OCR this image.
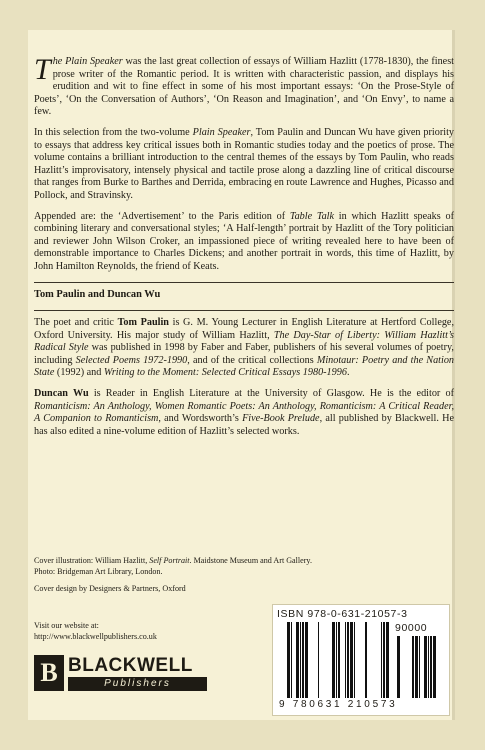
The Plain Speaker was the last great collection of essays of William Hazlitt (1778-1830), the finest prose writer of the Romantic period. It is written with characteristic passion, and displays his erudition and wit to fine effect in some of his most important essays: ‘On the Prose-Style of Poets’, ‘On the Conversation of Authors’, ‘On Reason and Imagination’, and ‘On Envy’, to name a few.

In this selection from the two-volume Plain Speaker, Tom Paulin and Duncan Wu have given priority to essays that address key critical issues both in Romantic studies today and the poetics of prose. The volume contains a brilliant introduction to the central themes of the essays by Tom Paulin, who reads Hazlitt’s improvisatory, intensely physical and tactile prose along a dazzling line of critical discourse that ranges from Burke to Barthes and Derrida, embracing en route Lawrence and Hughes, Picasso and Pollock, and Stravinsky.

Appended are: the ‘Advertisement’ to the Paris edition of Table Talk in which Hazlitt speaks of combining literary and conversational styles; ‘A Half-length’ portrait by Hazlitt of the Tory politician and reviewer John Wilson Croker, an impassioned piece of writing revealed here to have been of demonstrable importance to Charles Dickens; and another portrait in words, this time of Hazlitt, by John Hamilton Reynolds, the friend of Keats.

Tom Paulin and Duncan Wu

The poet and critic Tom Paulin is G. M. Young Lecturer in English Literature at Hertford College, Oxford University. His major study of William Hazlitt, The Day-Star of Liberty: William Hazlitt’s Radical Style was published in 1998 by Faber and Faber, publishers of his several volumes of poetry, including Selected Poems 1972-1990, and of the critical collections Minotaur: Poetry and the Nation State (1992) and Writing to the Moment: Selected Critical Essays 1980-1996.

Duncan Wu is Reader in English Literature at the University of Glasgow. He is the editor of Romanticism: An Anthology, Women Romantic Poets: An Anthology, Romanticism: A Critical Reader, A Companion to Romanticism, and Wordsworth’s Five-Book Prelude, all published by Blackwell. He has also edited a nine-volume edition of Hazlitt’s selected works.

Cover illustration: William Hazlitt, Self Portrait. Maidstone Museum and Art Gallery.

Photo: Bridgeman Art Library, London.

Cover design by Designers & Partners, Oxford

Visit our website at:

http://www.blackwellpublishers.co.uk

B BLACKWELL
Publishers
ISBN 978-0-631-21057-3
90000
9 780631 210573
